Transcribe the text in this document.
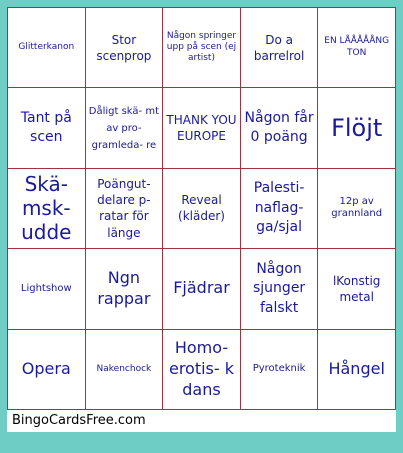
Glitterkanon
Stor scenprop
Någon springer upp på scen (ej artist)
Do a barrelrol
EN LÅÅÅÅÅNG TON
Tant på scen
Dåligt skä- mt av pro- gramleda- re
THANK YOU EUROPE
Någon får 0 poäng Flöjt
Skä- msk- udde
Poängut- delare p- ratar för länge
Reveal (kläder)
Palesti- naflag- ga/sjal
12p av grannland
Lightshow
Ngn rappar
Fjädrar
Någon sjunger falskt
lKonstig metal
Opera	Nakenchock
Homo- erotis- k dans
Pyroteknik	Hångel
BingoCardsFree.com
